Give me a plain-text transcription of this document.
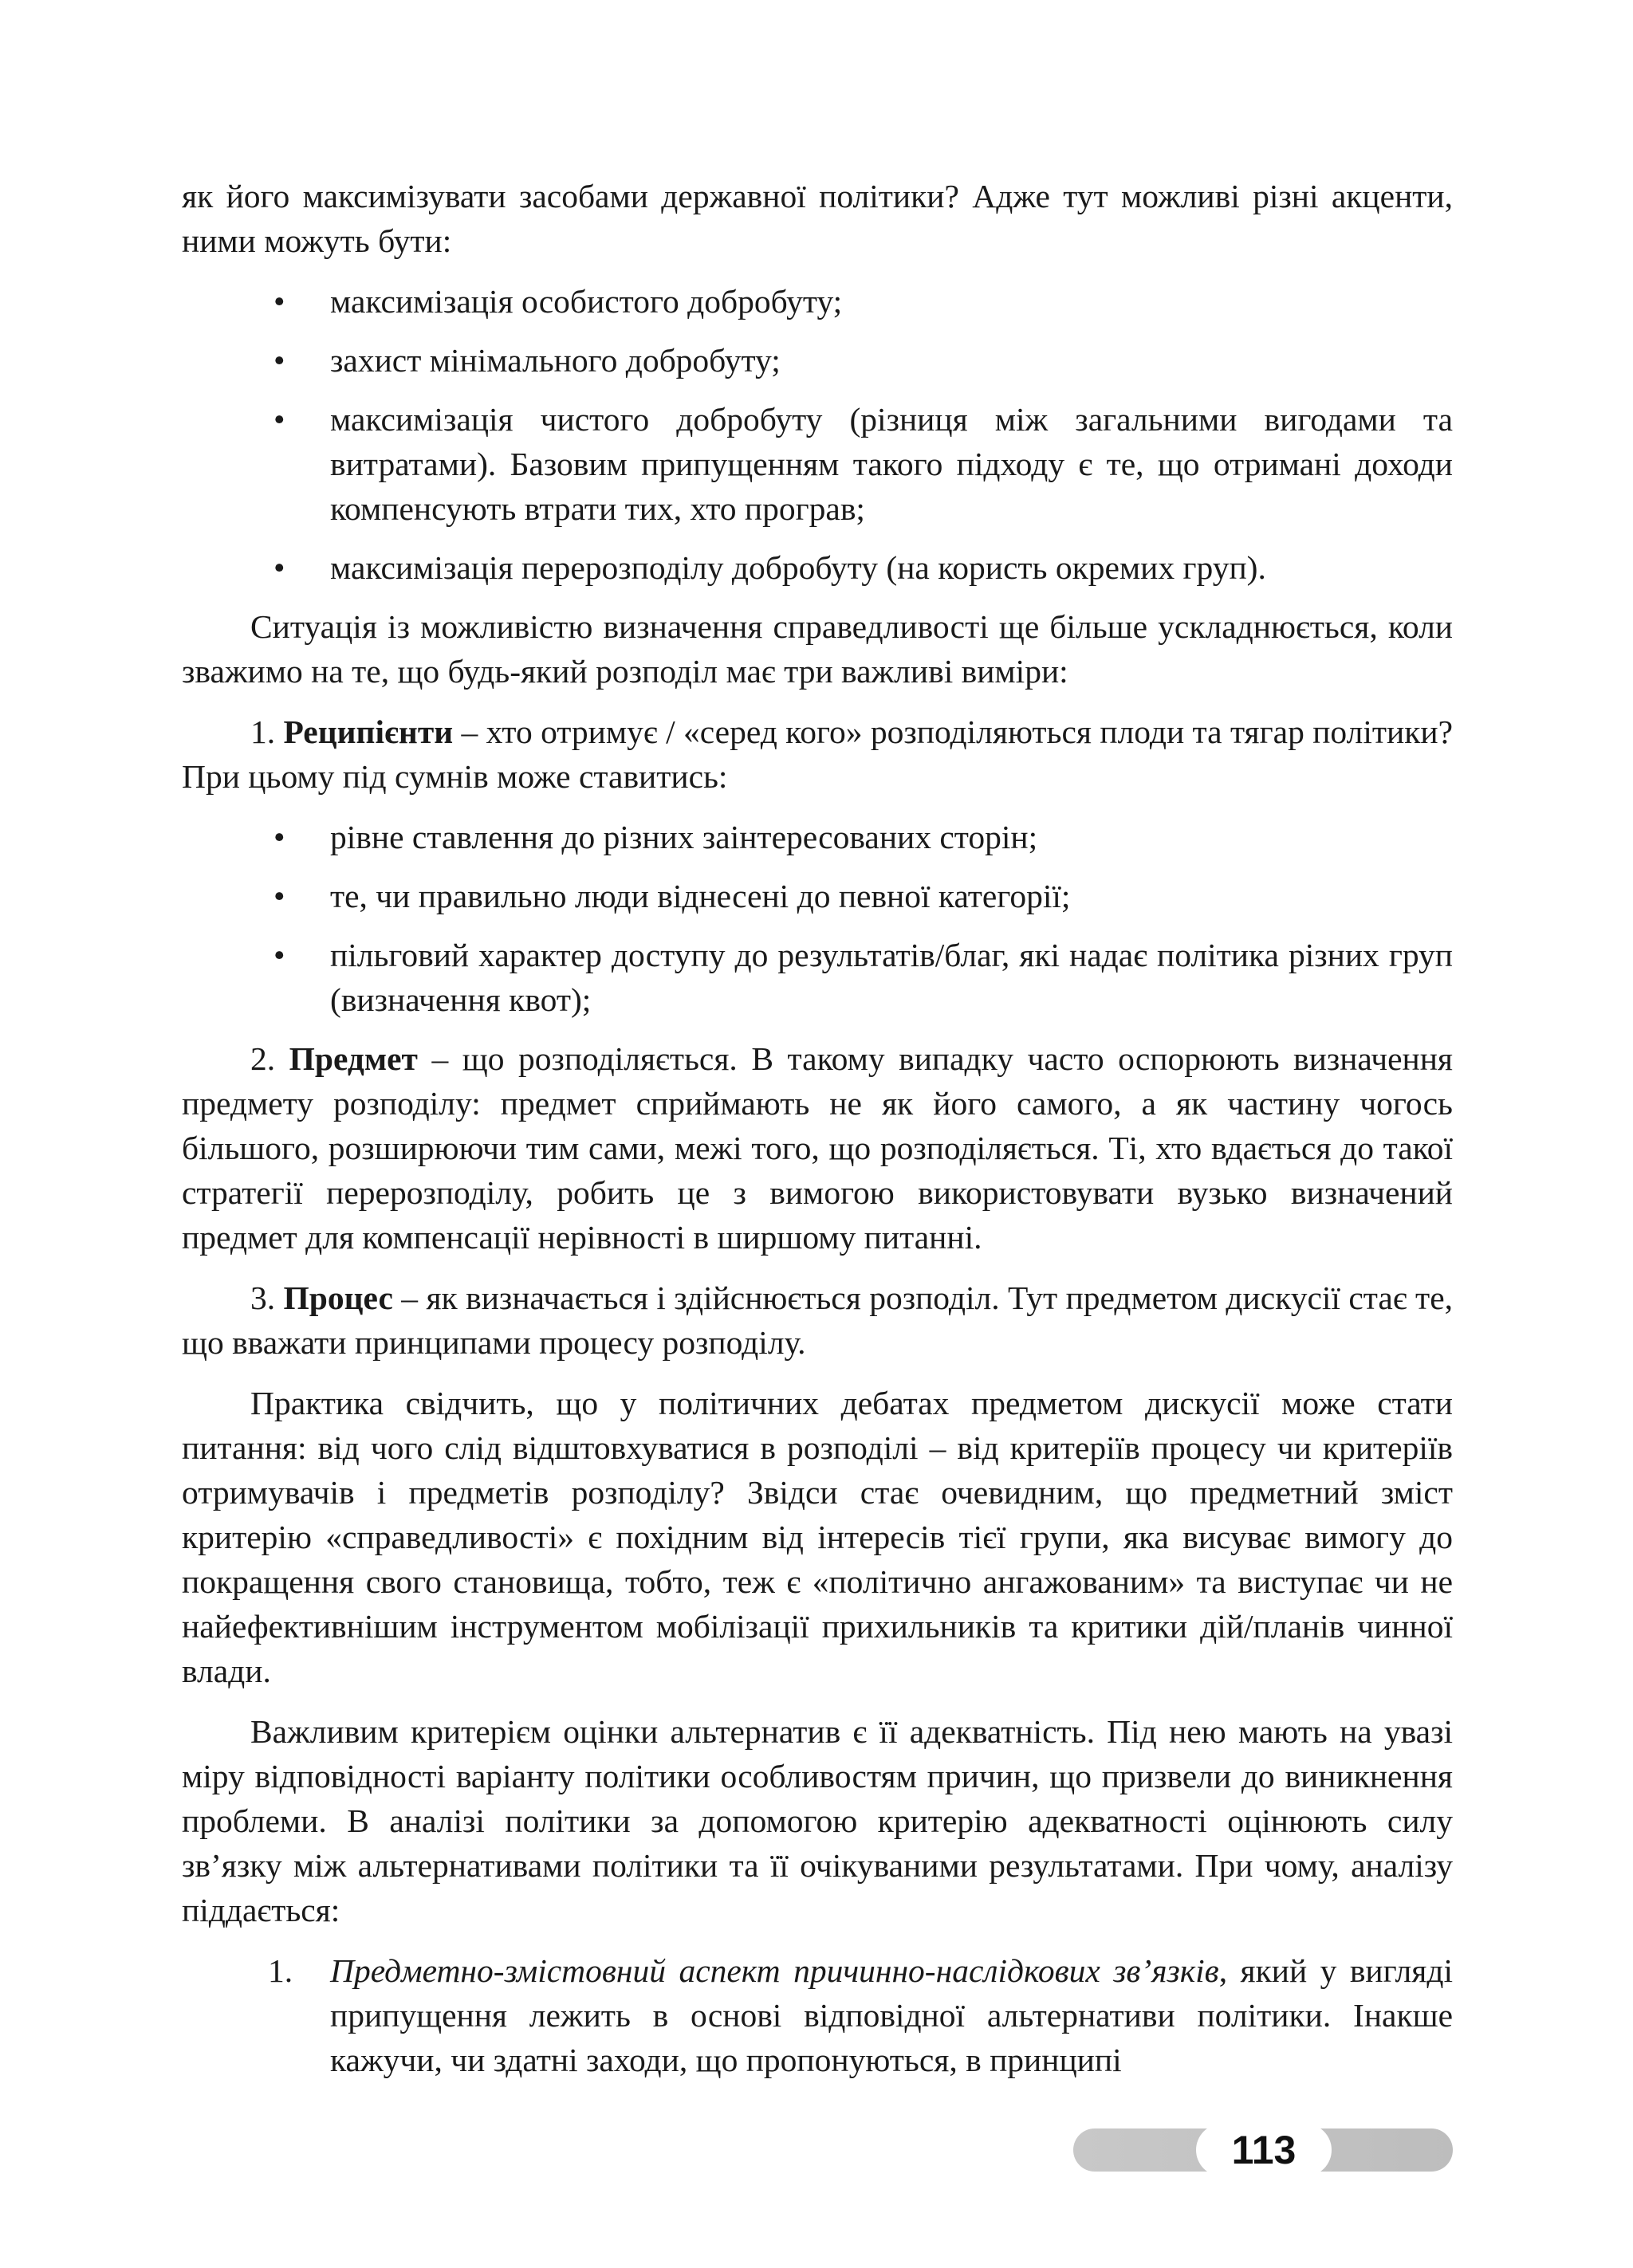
як його максимізувати засобами державної політики? Адже тут можливі різні акценти, ними можуть бути:

• максимізація особистого добробуту;
• захист мінімального добробуту;
• максимізація чистого добробуту (різниця між загальними вигодами та витратами). Базовим припущенням такого підходу є те, що отримані доходи компенсують втрати тих, хто програв;
• максимізація перерозподілу добробуту (на користь окремих груп).

Ситуація із можливістю визначення справедливості ще більше ускладнюється, коли зважимо на те, що будь-який розподіл має три важливі виміри:

1. Реципієнти – хто отримує / «серед кого» розподіляються плоди та тягар політики? При цьому під сумнів може ставитись:

• рівне ставлення до різних заінтересованих сторін;
• те, чи правильно люди віднесені до певної категорії;
• пільговий характер доступу до результатів/благ, які надає політика різних груп (визначення квот);

2. Предмет – що розподіляється. В такому випадку часто оспорюють визначення предмету розподілу: предмет сприймають не як його самого, а як частину чогось більшого, розширюючи тим сами, межі того, що розподіляється. Ті, хто вдається до такої стратегії перерозподілу, робить це з вимогою використовувати вузько визначений предмет для компенсації нерівності в ширшому питанні.

3. Процес – як визначається і здійснюється розподіл. Тут предметом дискусії стає те, що вважати принципами процесу розподілу.

Практика свідчить, що у політичних дебатах предметом дискусії може стати питання: від чого слід відштовхуватися в розподілі – від критеріїв процесу чи критеріїв отримувачів і предметів розподілу? Звідси стає очевидним, що предметний зміст критерію «справедливості» є похідним від інтересів тієї групи, яка висуває вимогу до покращення свого становища, тобто, теж є «політично ангажованим» та виступає чи не найефективнішим інструментом мобілізації прихильників та критики дій/планів чинної влади.

Важливим критерієм оцінки альтернатив є її адекватність. Під нею мають на увазі міру відповідності варіанту політики особливостям причин, що призвели до виникнення проблеми. В аналізі політики за допомогою критерію адекватності оцінюють силу зв’язку між альтернативами політики та її очікуваними результатами. При чому, аналізу піддається:

1. Предметно-змістовний аспект причинно-наслідкових зв’язків, який у вигляді припущення лежить в основі відповідної альтернативи політики. Інакше кажучи, чи здатні заходи, що пропонуються, в принципі
113
